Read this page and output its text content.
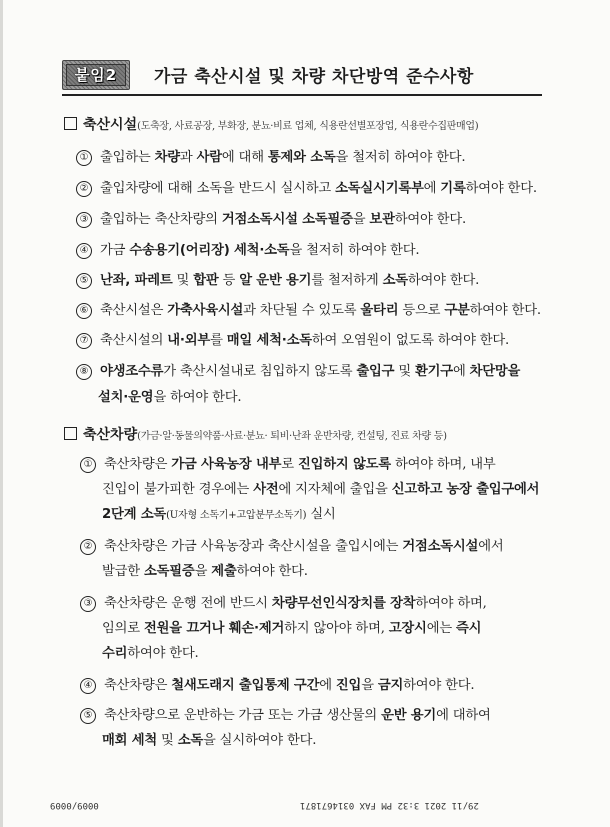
붙임2	가금 축산시설 및 차량 차단방역 준수사항
축산시설(도축장, 사료공장, 부화장, 분뇨·비료 업체, 식용란선별포장업, 식용란수집판매업)
① 출입하는 차량과 사람에 대해 통제와 소독을 철저히 하여야 한다.
② 출입차량에 대해 소독을 반드시 실시하고 소독실시기록부에 기록하여야 한다.
③ 출입하는 축산차량의 거점소독시설 소독필증을 보관하여야 한다.
④ 가금 수송용기(어리장) 세척·소독을 철저히 하여야 한다.
⑤ 난좌, 파레트 및 합판 등 알 운반 용기를 철저하게 소독하여야 한다.
⑥ 축산시설은 가축사육시설과 차단될 수 있도록 울타리 등으로 구분하여야 한다.
⑦ 축산시설의 내·외부를 매일 세척·소독하여 오염원이 없도록 하여야 한다.
⑧ 야생조수류가 축산시설내로 침입하지 않도록 출입구 및 환기구에 차단망을
설치·운영을 하여야 한다.
축산차량(가금·알·동물의약품·사료·분뇨· 퇴비·난좌 운반차량, 컨설팅, 진료 차량 등)
① 축산차량은 가금 사육농장 내부로 진입하지 않도록 하여야 하며, 내부
진입이 불가피한 경우에는 사전에 지자체에 출입을 신고하고 농장 출입구에서
2단계 소독(U자형 소독기+고압분무소독기) 실시
② 축산차량은 가금 사육농장과 축산시설을 출입시에는 거점소독시설에서
발급한 소독필증을 제출하여야 한다.
③ 축산차량은 운행 전에 반드시 차량무선인식장치를 장착하여야 하며,
임의로 전원을 끄거나 훼손·제거하지 않아야 하며, 고장시에는 즉시
수리하여야 한다.
④ 축산차량은 철새도래지 출입통제 구간에 진입을 금지하여야 한다.
⑤ 축산차량으로 운반하는 가금 또는 가금 생산물의 운반 용기에 대하여
매회 세척 및 소독을 실시하여야 한다.
0009/0009	29/11 2021 3:32 PM FAX 0314671871
